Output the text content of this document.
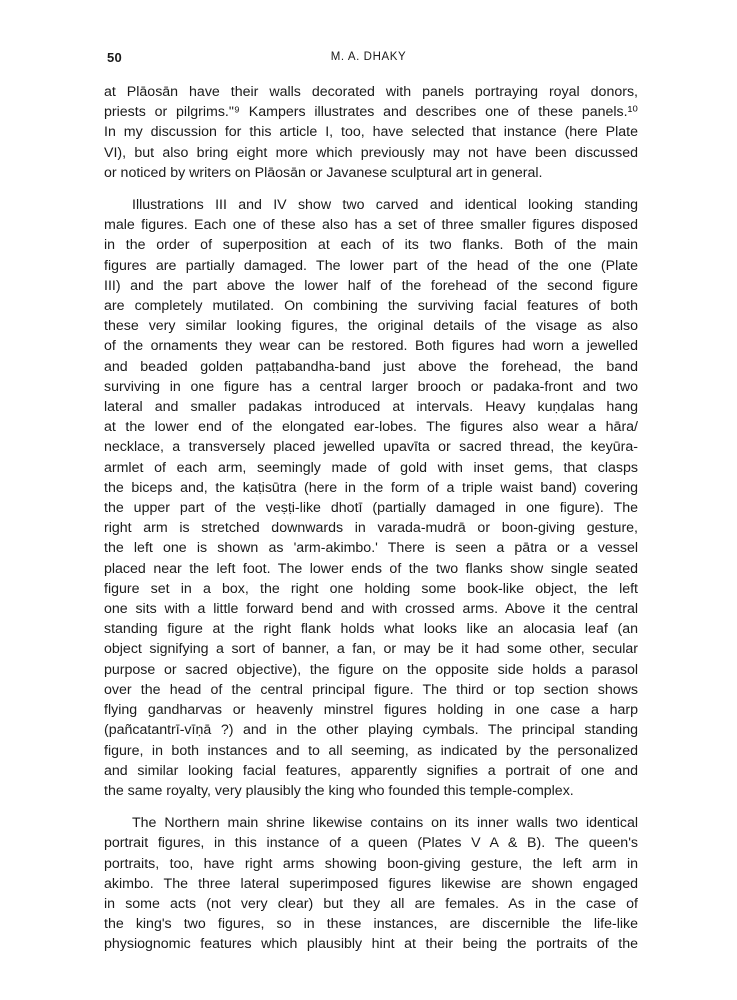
50	M. A. DHAKY
at Plāosān have their walls decorated with panels portraying royal donors,
priests or pilgrims."⁹ Kampers illustrates and describes one of these panels.¹⁰
In my discussion for this article I, too, have selected that instance (here Plate
VI), but also bring eight more which previously may not have been discussed
or noticed by writers on Plāosān or Javanese sculptural art in general.
Illustrations III and IV show two carved and identical looking standing
male figures. Each one of these also has a set of three smaller figures disposed
in the order of superposition at each of its two flanks. Both of the main
figures are partially damaged. The lower part of the head of the one (Plate
III) and the part above the lower half of the forehead of the second figure
are completely mutilated. On combining the surviving facial features of both
these very similar looking figures, the original details of the visage as also
of the ornaments they wear can be restored. Both figures had worn a jewelled
and beaded golden paṭṭabandha-band just above the forehead, the band
surviving in one figure has a central larger brooch or padaka-front and two
lateral and smaller padakas introduced at intervals. Heavy kuṇḍalas hang
at the lower end of the elongated ear-lobes. The figures also wear a hāra/
necklace, a transversely placed jewelled upavīta or sacred thread, the keyūra-
armlet of each arm, seemingly made of gold with inset gems, that clasps
the biceps and, the kaṭisūtra (here in the form of a triple waist band) covering
the upper part of the veṣṭi-like dhotī (partially damaged in one figure). The
right arm is stretched downwards in varada-mudrā or boon-giving gesture,
the left one is shown as 'arm-akimbo.' There is seen a pātra or a vessel
placed near the left foot. The lower ends of the two flanks show single seated
figure set in a box, the right one holding some book-like object, the left
one sits with a little forward bend and with crossed arms. Above it the central
standing figure at the right flank holds what looks like an alocasia leaf (an
object signifying a sort of banner, a fan, or may be it had some other, secular
purpose or sacred objective), the figure on the opposite side holds a parasol
over the head of the central principal figure. The third or top section shows
flying gandharvas or heavenly minstrel figures holding in one case a harp
(pañcatantrī-vīṇā ?) and in the other playing cymbals. The principal standing
figure, in both instances and to all seeming, as indicated by the personalized
and similar looking facial features, apparently signifies a portrait of one and
the same royalty, very plausibly the king who founded this temple-complex.
The Northern main shrine likewise contains on its inner walls two identical
portrait figures, in this instance of a queen (Plates V A & B). The queen's
portraits, too, have right arms showing boon-giving gesture, the left arm in
akimbo. The three lateral superimposed figures likewise are shown engaged
in some acts (not very clear) but they all are females. As in the case of
the king's two figures, so in these instances, are discernible the life-like
physiognomic features which plausibly hint at their being the portraits of the
